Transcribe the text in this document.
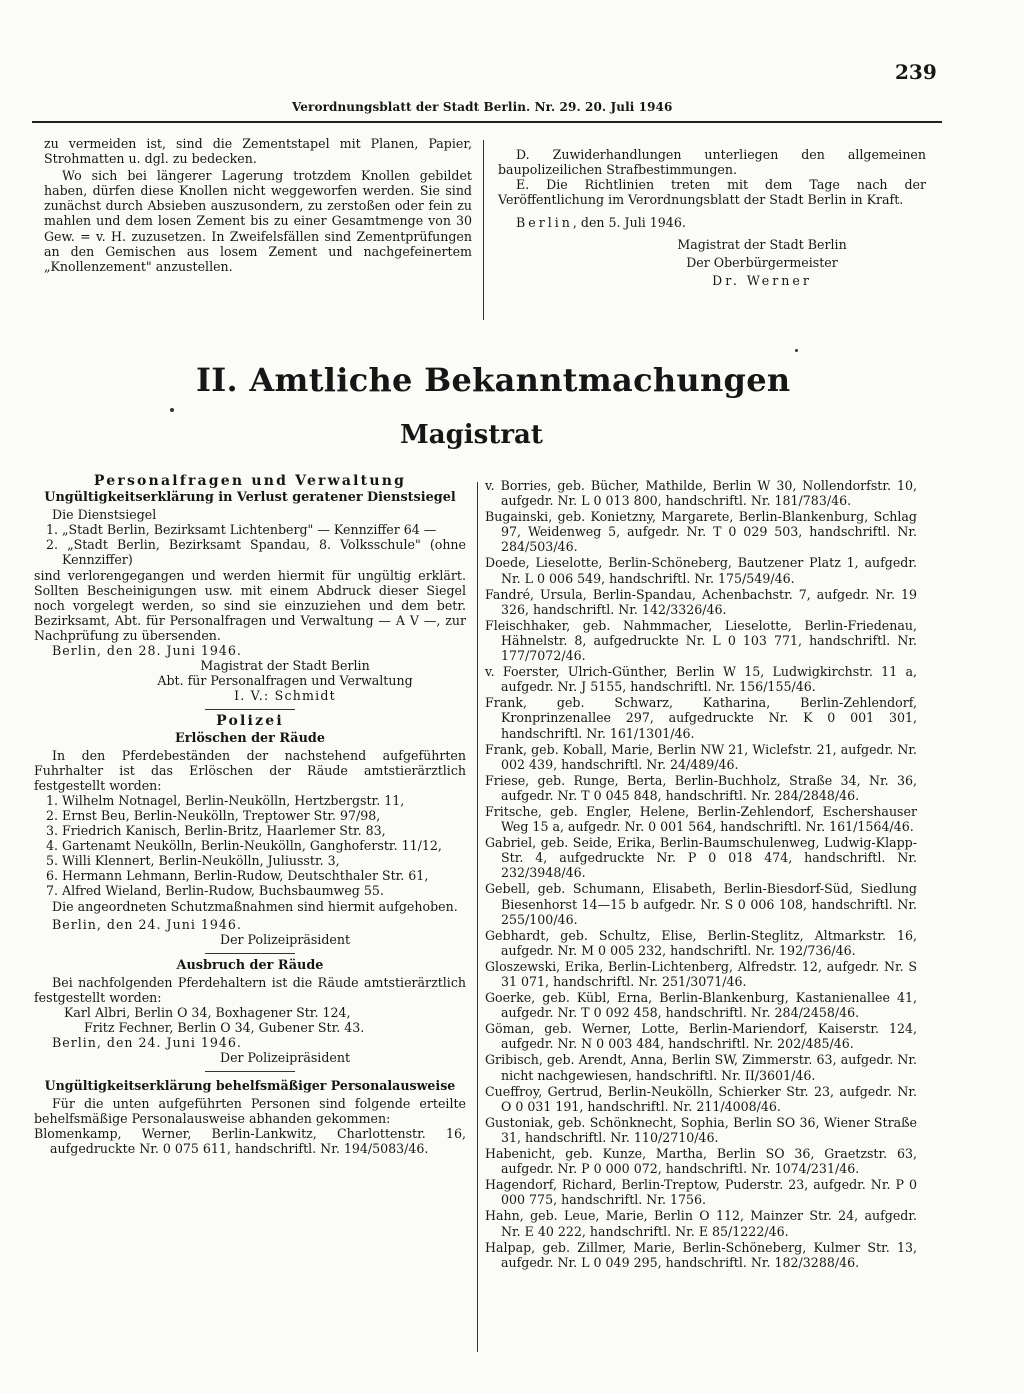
Verordnungsblatt der Stadt Berlin. Nr. 29. 20. Juli 1946
239

zu vermeiden ist, sind die Zementstapel mit Planen, Papier, Strohmatten u. dgl. zu bedecken.

Wo sich bei längerer Lagerung trotzdem Knollen gebildet haben, dürfen diese Knollen nicht weggeworfen werden. Sie sind zunächst durch Absieben auszusondern, zu zerstoßen oder fein zu mahlen und dem losen Zement bis zu einer Gesamtmenge von 30 Gew. = v. H. zuzusetzen. In Zweifelsfällen sind Zementprüfungen an den Gemischen aus losem Zement und nachgefeinertem „Knollenzement" anzustellen.

D. Zuwiderhandlungen unterliegen den allgemeinen baupolizeilichen Strafbestimmungen.

E. Die Richtlinien treten mit dem Tage nach der Veröffentlichung im Verordnungsblatt der Stadt Berlin in Kraft.

Berlin, den 5. Juli 1946.

Magistrat der Stadt Berlin
Der Oberbürgermeister
Dr. Werner
II. Amtliche Bekanntmachungen
Magistrat
Personalfragen und Verwaltung
Ungültigkeitserklärung in Verlust geratener Dienstsiegel

Die Dienstsiegel

1. „Stadt Berlin, Bezirksamt Lichtenberg" — Kennziffer 64 —

2. „Stadt Berlin, Bezirksamt Spandau, 8. Volksschule" (ohne Kennziffer)

sind verlorengegangen und werden hiermit für ungültig erklärt. Sollten Bescheinigungen usw. mit einem Abdruck dieser Siegel noch vorgelegt werden, so sind sie einzuziehen und dem betr. Bezirksamt, Abt. für Personalfragen und Verwaltung — A V —, zur Nachprüfung zu übersenden.

Berlin, den 28. Juni 1946.

Magistrat der Stadt Berlin
Abt. für Personalfragen und Verwaltung
I. V.: Schmidt
Polizei
Erlöschen der Räude

In den Pferdebeständen der nachstehend aufgeführten Fuhrhalter ist das Erlöschen der Räude amtstierärztlich festgestellt worden:

1. Wilhelm Notnagel, Berlin-Neukölln, Hertzbergstr. 11,

2. Ernst Beu, Berlin-Neukölln, Treptower Str. 97/98,

3. Friedrich Kanisch, Berlin-Britz, Haarlemer Str. 83,

4. Gartenamt Neukölln, Berlin-Neukölln, Ganghoferstr. 11/12,

5. Willi Klennert, Berlin-Neukölln, Juliusstr. 3,

6. Hermann Lehmann, Berlin-Rudow, Deutschthaler Str. 61,

7. Alfred Wieland, Berlin-Rudow, Buchsbaumweg 55.

Die angeordneten Schutzmaßnahmen sind hiermit aufgehoben.

Berlin, den 24. Juni 1946.

Der Polizeipräsident
Ausbruch der Räude

Bei nachfolgenden Pferdehaltern ist die Räude amtstierärztlich festgestellt worden:

Karl Albri, Berlin O 34, Boxhagener Str. 124,

Fritz Fechner, Berlin O 34, Gubener Str. 43.

Berlin, den 24. Juni 1946.

Der Polizeipräsident
Ungültigkeitserklärung behelfsmäßiger Personalausweise

Für die unten aufgeführten Personen sind folgende erteilte behelfsmäßige Personalausweise abhanden gekommen:

Blomenkamp, Werner, Berlin-Lankwitz, Charlottenstr. 16, aufgedruckte Nr. 0 075 611, handschriftl. Nr. 194/5083/46.

v. Borries, geb. Bücher, Mathilde, Berlin W 30, Nollendorfstr. 10, aufgedr. Nr. L 0 013 800, handschriftl. Nr. 181/783/46.

Bugainski, geb. Konietzny, Margarete, Berlin-Blankenburg, Schlag 97, Weidenweg 5, aufgedr. Nr. T 0 029 503, handschriftl. Nr. 284/503/46.

Doede, Lieselotte, Berlin-Schöneberg, Bautzener Platz 1, aufgedr. Nr. L 0 006 549, handschriftl. Nr. 175/549/46.

Fandré, Ursula, Berlin-Spandau, Achenbachstr. 7, aufgedr. Nr. 19 326, handschriftl. Nr. 142/3326/46.

Fleischhaker, geb. Nahmmacher, Lieselotte, Berlin-Friedenau, Hähnelstr. 8, aufgedruckte Nr. L 0 103 771, handschriftl. Nr. 177/7072/46.

v. Foerster, Ulrich-Günther, Berlin W 15, Ludwigkirchstr. 11 a, aufgedr. Nr. J 5155, handschriftl. Nr. 156/155/46.

Frank, geb. Schwarz, Katharina, Berlin-Zehlendorf, Kronprinzenallee 297, aufgedruckte Nr. K 0 001 301, handschriftl. Nr. 161/1301/46.

Frank, geb. Koball, Marie, Berlin NW 21, Wiclefstr. 21, aufgedr. Nr. 002 439, handschriftl. Nr. 24/489/46.

Friese, geb. Runge, Berta, Berlin-Buchholz, Straße 34, Nr. 36, aufgedr. Nr. T 0 045 848, handschriftl. Nr. 284/2848/46.

Fritsche, geb. Engler, Helene, Berlin-Zehlendorf, Eschershauser Weg 15 a, aufgedr. Nr. 0 001 564, handschriftl. Nr. 161/1564/46.

Gabriel, geb. Seide, Erika, Berlin-Baumschulenweg, Ludwig-Klapp-Str. 4, aufgedruckte Nr. P 0 018 474, handschriftl. Nr. 232/3948/46.

Gebell, geb. Schumann, Elisabeth, Berlin-Biesdorf-Süd, Siedlung Biesenhorst 14—15 b aufgedr. Nr. S 0 006 108, handschriftl. Nr. 255/100/46.

Gebhardt, geb. Schultz, Elise, Berlin-Steglitz, Altmarkstr. 16, aufgedr. Nr. M 0 005 232, handschriftl. Nr. 192/736/46.

Gloszewski, Erika, Berlin-Lichtenberg, Alfredstr. 12, aufgedr. Nr. S 31 071, handschriftl. Nr. 251/3071/46.

Goerke, geb. Kübl, Erna, Berlin-Blankenburg, Kastanienallee 41, aufgedr. Nr. T 0 092 458, handschriftl. Nr. 284/2458/46.

Göman, geb. Werner, Lotte, Berlin-Mariendorf, Kaiserstr. 124, aufgedr. Nr. N 0 003 484, handschriftl. Nr. 202/485/46.

Gribisch, geb. Arendt, Anna, Berlin SW, Zimmerstr. 63, aufgedr. Nr. nicht nachgewiesen, handschriftl. Nr. II/3601/46.

Cueffroy, Gertrud, Berlin-Neukölln, Schierker Str. 23, aufgedr. Nr. O 0 031 191, handschriftl. Nr. 211/4008/46.

Gustoniak, geb. Schönknecht, Sophia, Berlin SO 36, Wiener Straße 31, handschriftl. Nr. 110/2710/46.

Habenicht, geb. Kunze, Martha, Berlin SO 36, Graetzstr. 63, aufgedr. Nr. P 0 000 072, handschriftl. Nr. 1074/231/46.

Hagendorf, Richard, Berlin-Treptow, Puderstr. 23, aufgedr. Nr. P 0 000 775, handschriftl. Nr. 1756.

Hahn, geb. Leue, Marie, Berlin O 112, Mainzer Str. 24, aufgedr. Nr. E 40 222, handschriftl. Nr. E 85/1222/46.

Halpap, geb. Zillmer, Marie, Berlin-Schöneberg, Kulmer Str. 13, aufgedr. Nr. L 0 049 295, handschriftl. Nr. 182/3288/46.
